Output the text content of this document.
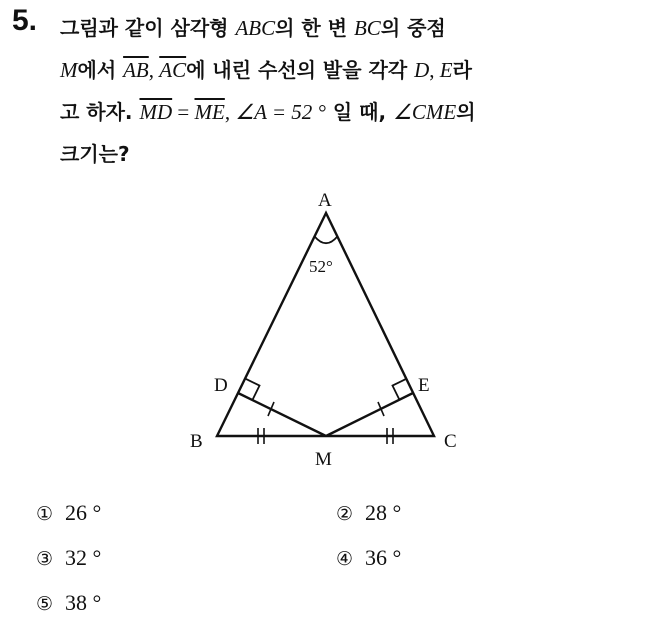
5. 그림과 같이 삼각형 ABC의 한 변 BC의 중점
M에서 $\overline{AB}$, $\overline{AC}$에 내린 수선의 발을 각각 D, E라
고 하자. $\overline{MD} = \overline{ME}$, ∠A = 52 ° 일 때, ∠CME의
크기는?
A
B	C
D	E
M
52°
① 26 °	② 28 °
③ 32 °	④ 36 °
⑤ 38 °
